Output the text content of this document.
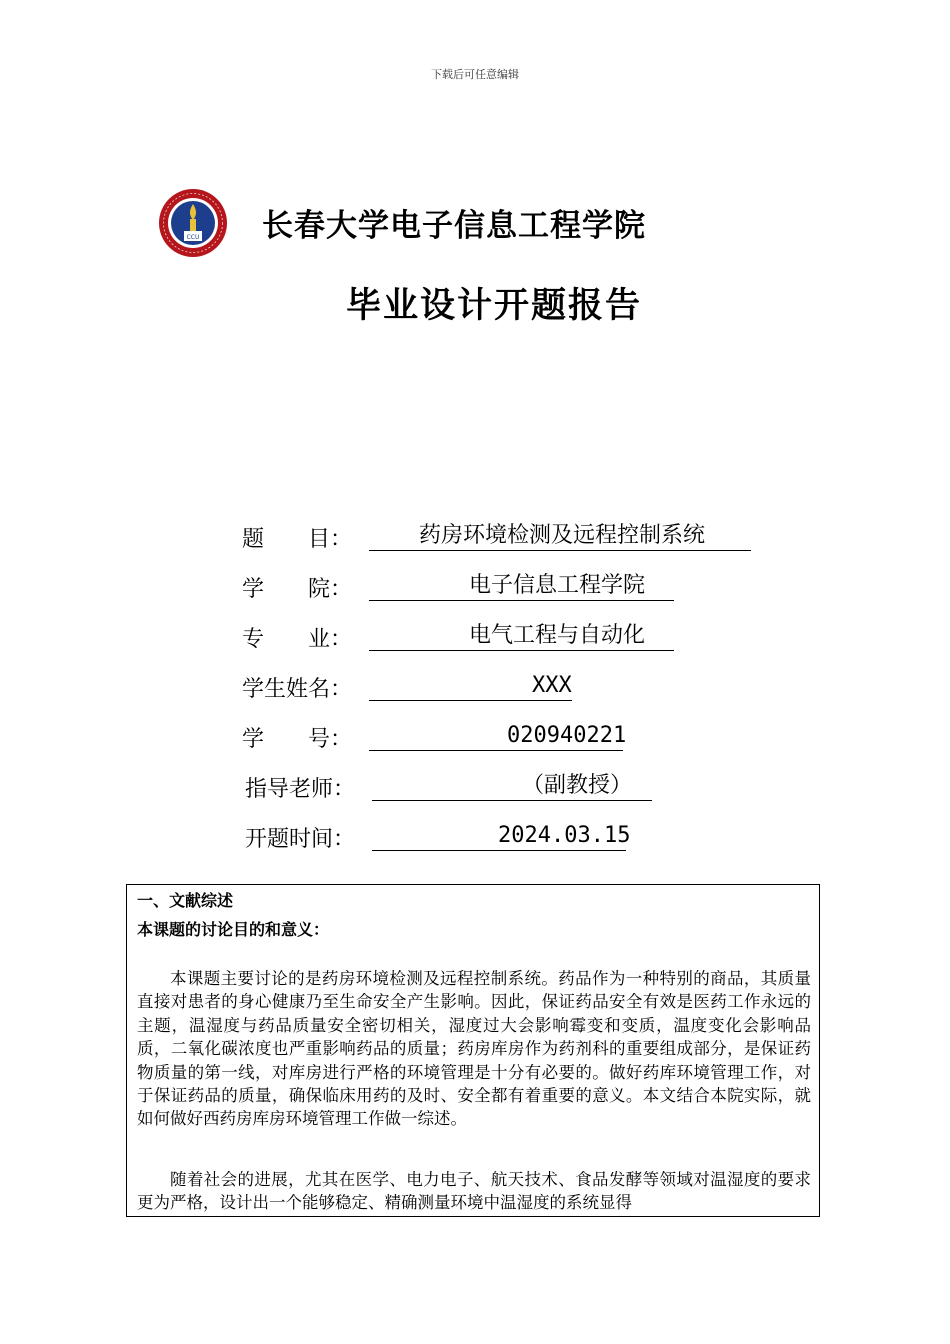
下载后可任意编辑
CCU 长春大学电子信息工程学院
毕业设计开题报告
题　　目：	药房环境检测及远程控制系统
学　　院：	电子信息工程学院
专　　业：	电气工程与自动化
学生姓名：	XXX
学　　号：	020940221
指导老师：	（副教授）
开题时间：	2024.03.15
一、文献综述
本课题的讨论目的和意义：

本课题主要讨论的是药房环境检测及远程控制系统。药品作为一种特别的商品，其质量直接对患者的身心健康乃至生命安全产生影响。因此，保证药品安全有效是医药工作永远的主题，温湿度与药品质量安全密切相关，湿度过大会影响霉变和变质，温度变化会影响品质，二氧化碳浓度也严重影响药品的质量；药房库房作为药剂科的重要组成部分，是保证药物质量的第一线，对库房进行严格的环境管理是十分有必要的。做好药库环境管理工作，对于保证药品的质量，确保临床用药的及时、安全都有着重要的意义。本文结合本院实际，就如何做好西药房库房环境管理工作做一综述。

随着社会的进展，尤其在医学、电力电子、航天技术、食品发酵等领域对温湿度的要求更为严格，设计出一个能够稳定、精确测量环境中温湿度的系统显得
